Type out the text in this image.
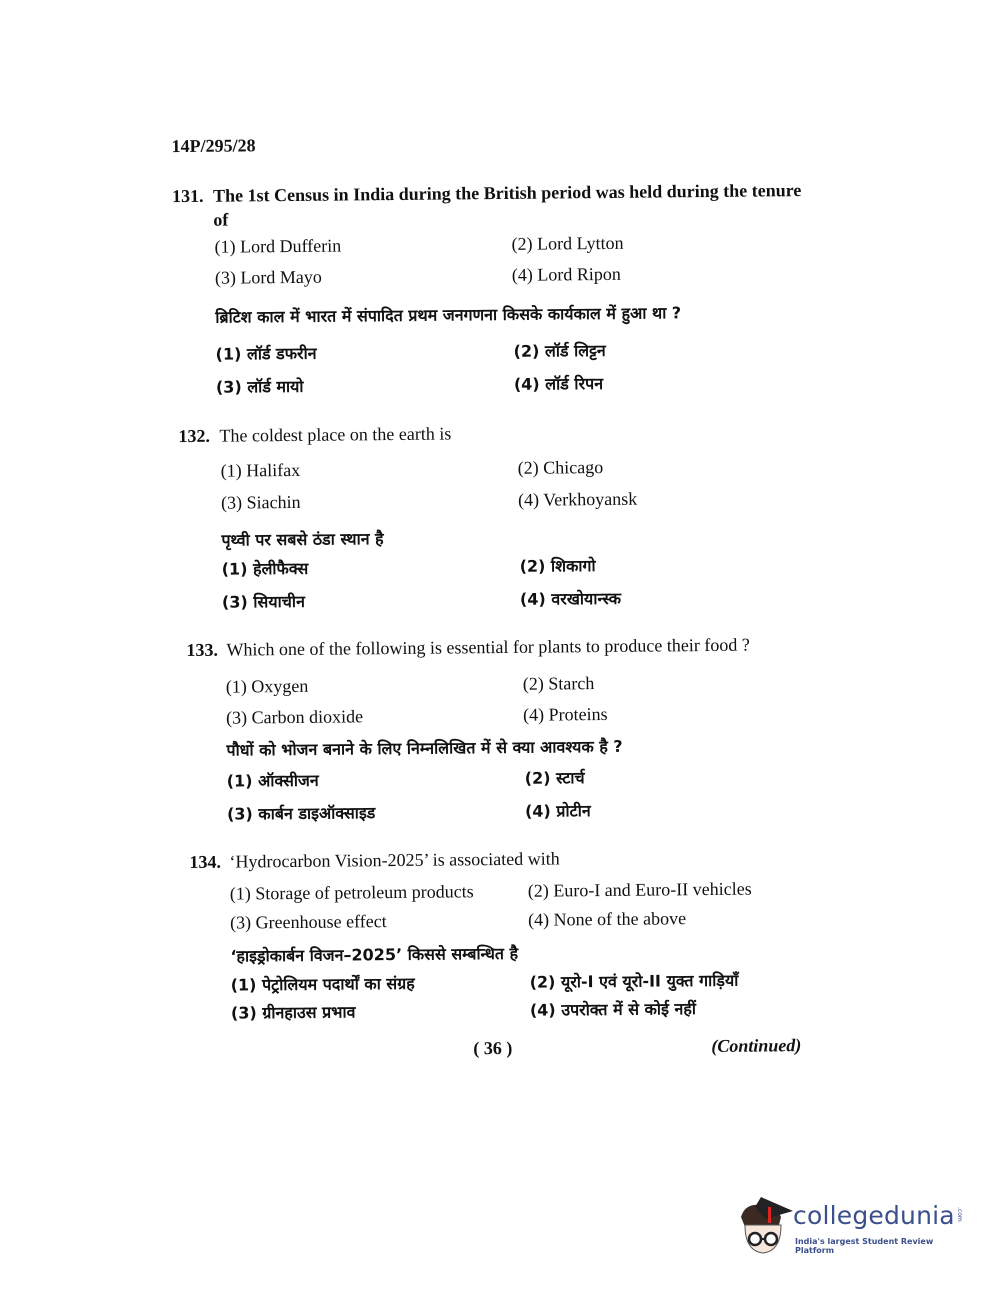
14P/295/28
131. The 1st Census in India during the British period was held during the tenure
of
(1) Lord Dufferin	(2) Lord Lytton
(3) Lord Mayo	(4) Lord Ripon
ब्रिटिश काल में भारत में संपादित प्रथम जनगणना किसके कार्यकाल में हुआ था ?
(1) लॉर्ड डफरीन	(2) लॉर्ड लिट्टन
(3) लॉर्ड मायो	(4) लॉर्ड रिपन
132. The coldest place on the earth is
(1) Halifax	(2) Chicago
(3) Siachin	(4) Verkhoyansk
पृथ्वी पर सबसे ठंडा स्थान है
(1) हेलीफैक्स	(2) शिकागो
(3) सियाचीन	(4) वरखोयान्स्क
133. Which one of the following is essential for plants to produce their food ?
(1) Oxygen	(2) Starch
(3) Carbon dioxide	(4) Proteins
पौधों को भोजन बनाने के लिए निम्नलिखित में से क्या आवश्यक है ?
(1) ऑक्सीजन	(2) स्टार्च
(3) कार्बन डाइऑक्साइड	(4) प्रोटीन
134. ‘Hydrocarbon Vision-2025’ is associated with
(1) Storage of petroleum products	(2) Euro-I and Euro-II vehicles
(3) Greenhouse effect	(4) None of the above
‘हाइड्रोकार्बन विजन–2025’ किससे सम्बन्धित है
(1) पेट्रोलियम पदार्थों का संग्रह	(2) यूरो-I एवं यूरो-II युक्त गाड़ियाँ
(3) ग्रीनहाउस प्रभाव	(4) उपरोक्त में से कोई नहीं
( 36 )	(Continued)
collegedunia .com
India's largest Student Review Platform
